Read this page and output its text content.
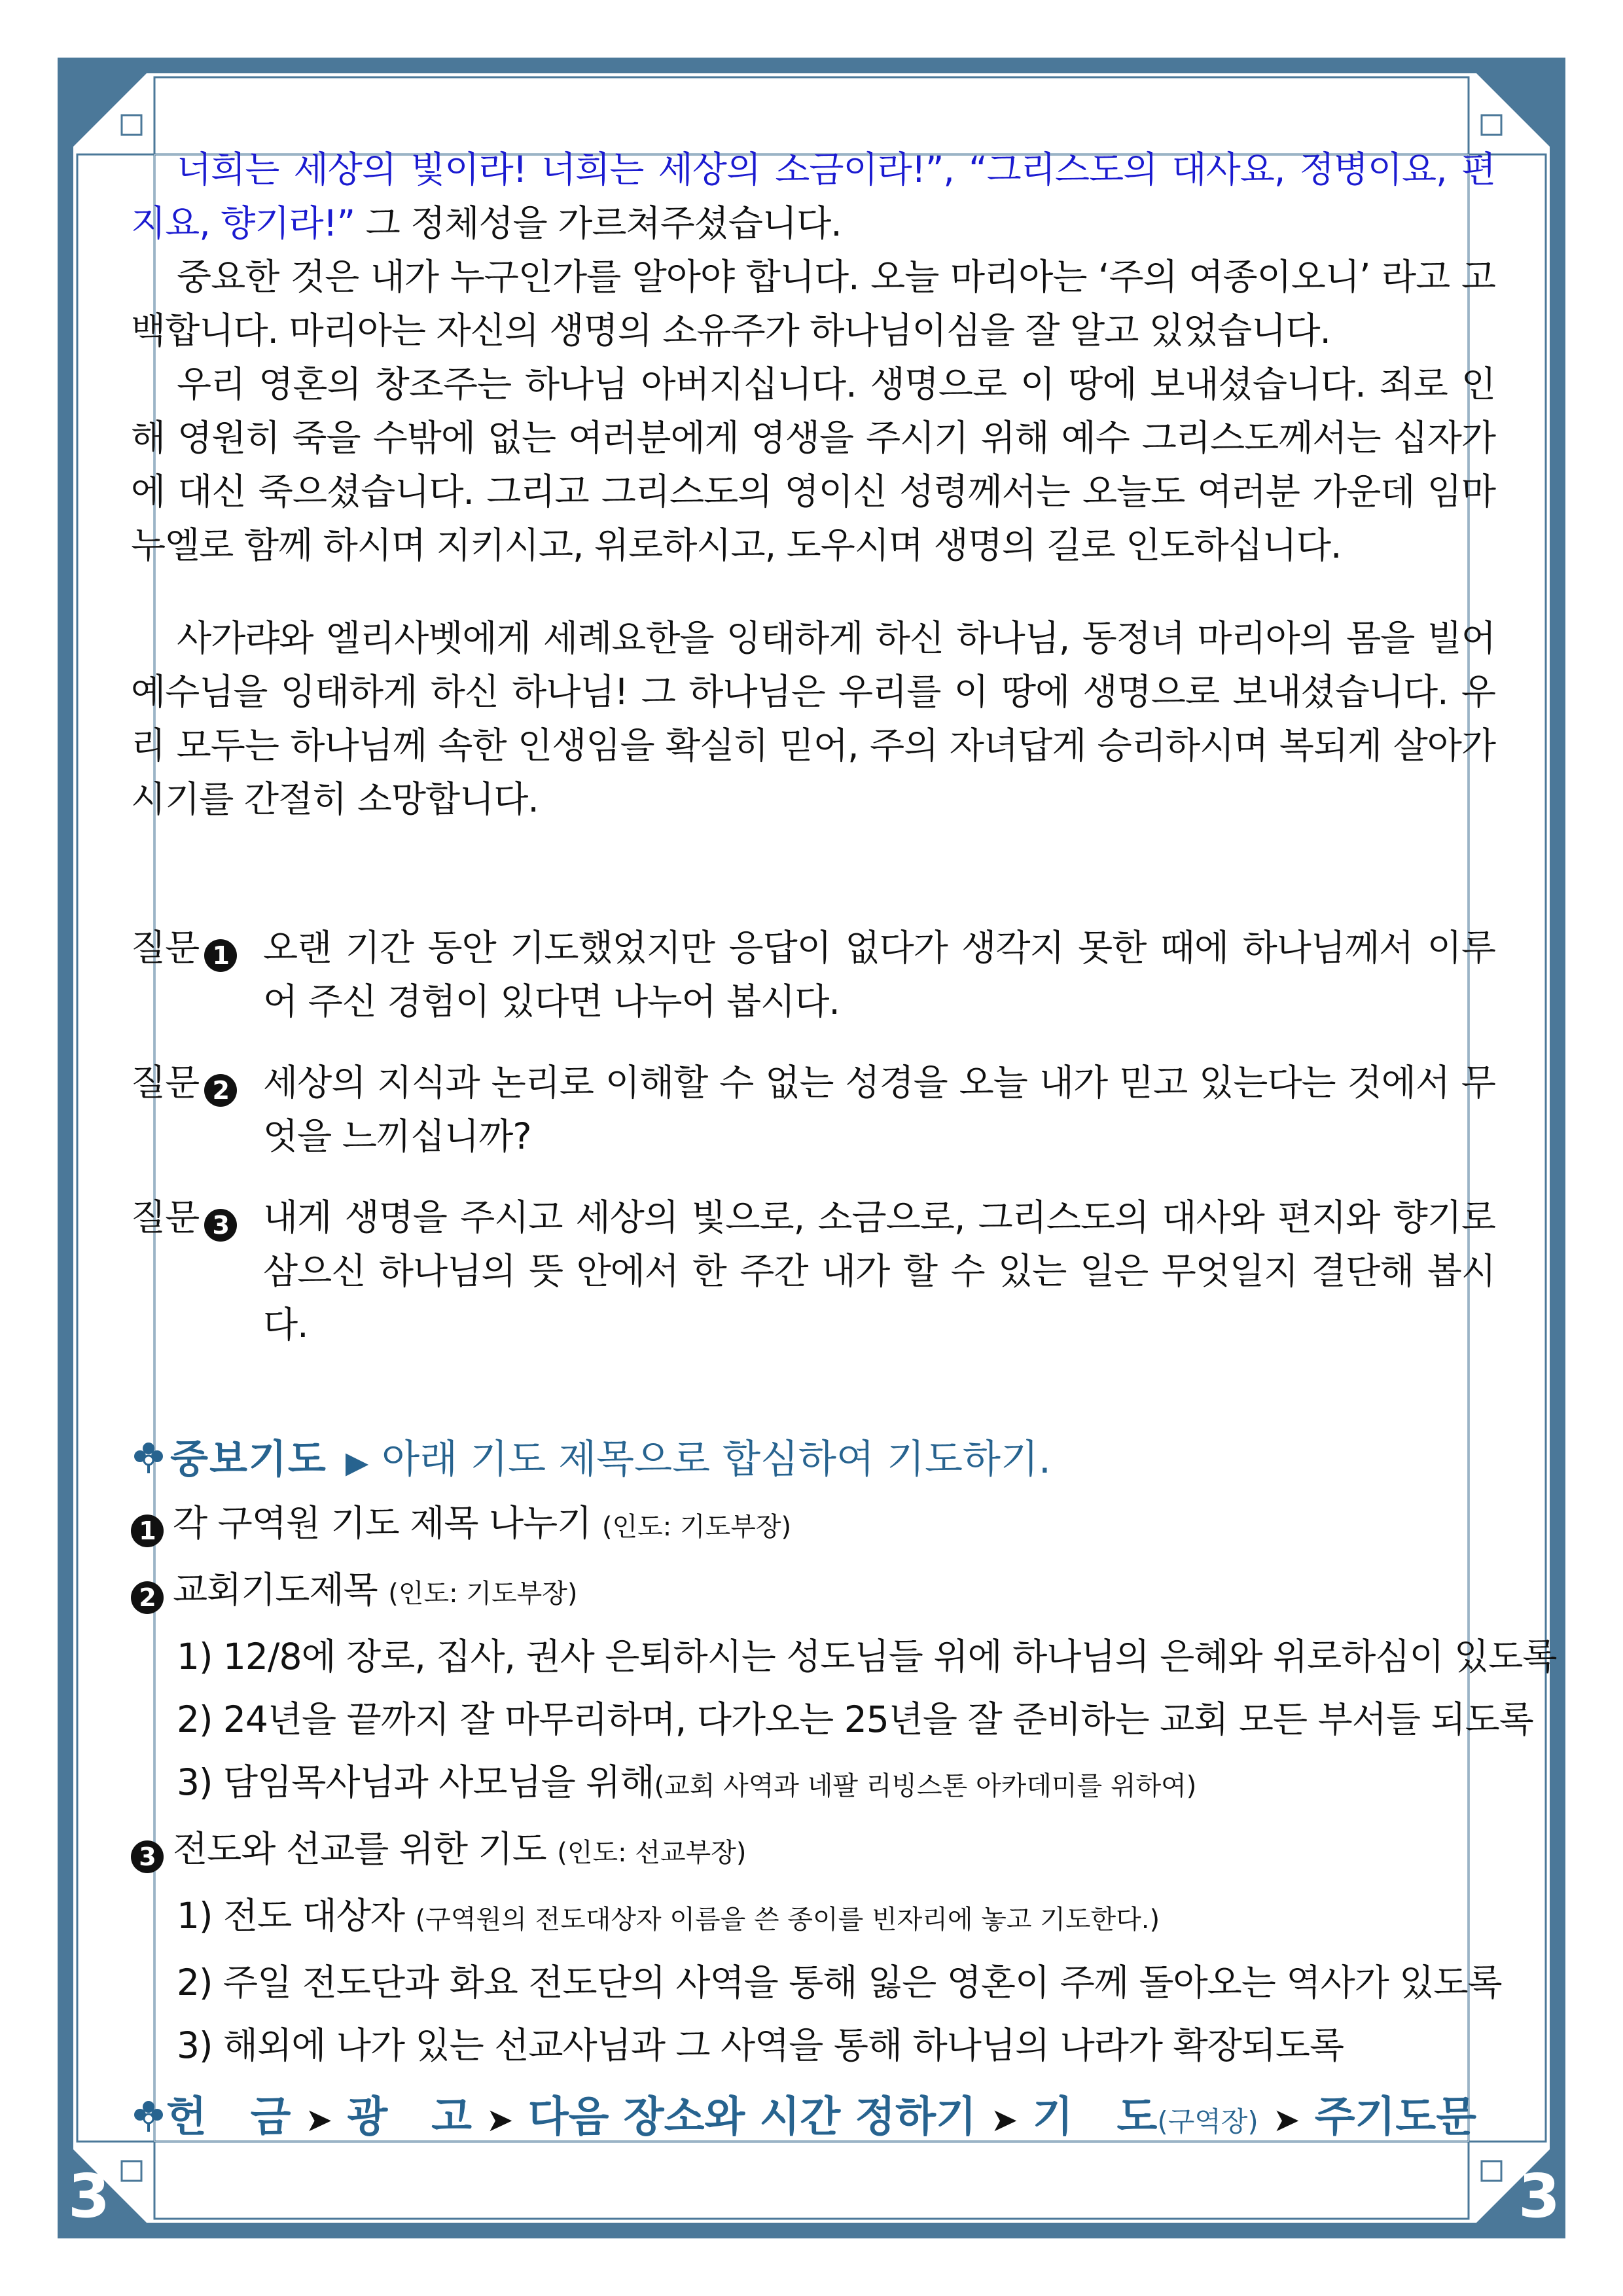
3	3

너희는 세상의 빛이라! 너희는 세상의 소금이라!”, “그리스도의 대사요, 정병이요, 편지요, 향기라!” 그 정체성을 가르쳐주셨습니다.

중요한 것은 내가 누구인가를 알아야 합니다. 오늘 마리아는 ‘주의 여종이오니’ 라고 고백합니다. 마리아는 자신의 생명의 소유주가 하나님이심을 잘 알고 있었습니다.

우리 영혼의 창조주는 하나님 아버지십니다. 생명으로 이 땅에 보내셨습니다. 죄로 인해 영원히 죽을 수밖에 없는 여러분에게 영생을 주시기 위해 예수 그리스도께서는 십자가에 대신 죽으셨습니다. 그리고 그리스도의 영이신 성령께서는 오늘도 여러분 가운데 임마누엘로 함께 하시며 지키시고, 위로하시고, 도우시며 생명의 길로 인도하십니다.

사가랴와 엘리사벳에게 세례요한을 잉태하게 하신 하나님, 동정녀 마리아의 몸을 빌어 예수님을 잉태하게 하신 하나님! 그 하나님은 우리를 이 땅에 생명으로 보내셨습니다. 우리 모두는 하나님께 속한 인생임을 확실히 믿어, 주의 자녀답게 승리하시며 복되게 살아가시기를 간절히 소망합니다.

질문 1 오랜 기간 동안 기도했었지만 응답이 없다가 생각지 못한 때에 하나님께서 이루어 주신 경험이 있다면 나누어 봅시다.
질문 2 세상의 지식과 논리로 이해할 수 없는 성경을 오늘 내가 믿고 있는다는 것에서 무엇을 느끼십니까?
질문 3 내게 생명을 주시고 세상의 빛으로, 소금으로, 그리스도의 대사와 편지와 향기로 삼으신 하나님의 뜻 안에서 한 주간 내가 할 수 있는 일은 무엇일지 결단해 봅시다.
중보기도 ▶ 아래 기도 제목으로 합심하여 기도하기.

1 각 구역원 기도 제목 나누기 (인도: 기도부장)

2 교회기도제목 (인도: 기도부장)

1) 12/8에 장로, 집사, 권사 은퇴하시는 성도님들 위에 하나님의 은혜와 위로하심이 있도록

2) 24년을 끝까지 잘 마무리하며, 다가오는 25년을 잘 준비하는 교회 모든 부서들 되도록

3) 담임목사님과 사모님을 위해(교회 사역과 네팔 리빙스톤 아카데미를 위하여)

3 전도와 선교를 위한 기도 (인도: 선교부장)

1) 전도 대상자 (구역원의 전도대상자 이름을 쓴 종이를 빈자리에 놓고 기도한다.)

2) 주일 전도단과 화요 전도단의 사역을 통해 잃은 영혼이 주께 돌아오는 역사가 있도록

3) 해외에 나가 있는 선교사님과 그 사역을 통해 하나님의 나라가 확장되도록

헌   금 ➤ 광   고 ➤ 다음 장소와 시간 정하기 ➤ 기   도(구역장) ➤ 주기도문
